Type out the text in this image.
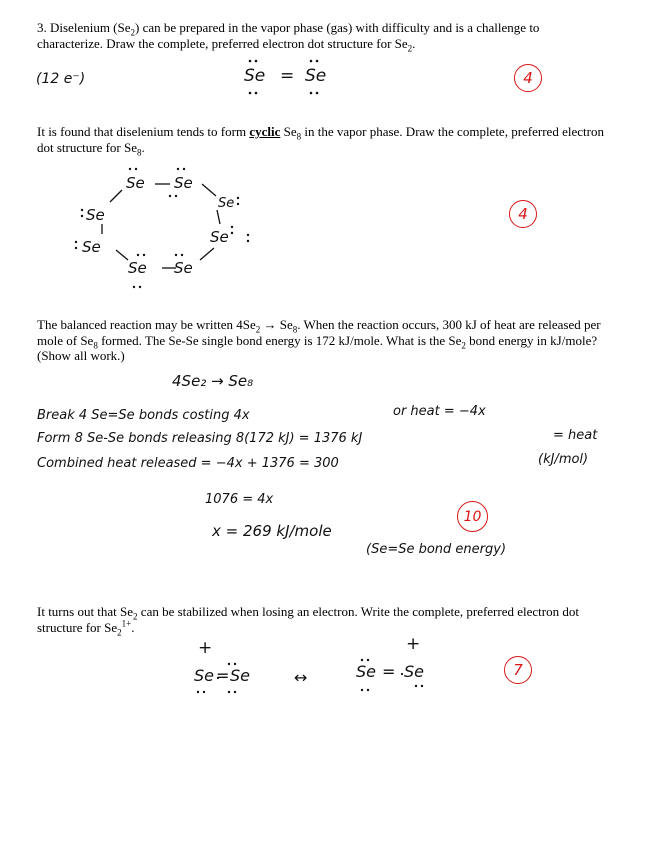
3. Diselenium $(Se_2)$ can be prepared in the vapor phase (gas) with difficulty and is a challenge to characterize. Draw the complete, preferred electron dot structure for $Se_2$.
(12 e⁻)	Se = Se	4
It is found that diselenium tends to form cyclic $Se_8$ in the vapor phase. Draw the complete, preferred electron dot structure for $Se_8$.
Se Se
Se
Se
Se
Se
Se
Se	4
The balanced reaction may be written $4Se_2 \to Se_8$. When the reaction occurs, 300 kJ of heat are released per mole of $Se_8$ formed. The Se-Se single bond energy is 172 kJ/mole. What is the $Se_2$ bond energy in kJ/mole? (Show all work.)
4Se₂ → Se₈
Break 4 Se=Se bonds costing 4x	or heat = −4x
Form 8 Se-Se bonds releasing 8(172 kJ) = 1376 kJ	= heat
Combined heat released = −4x + 1376 = 300	(kJ/mol)
1076 = 4x
x = 269 kJ/mole
(Se=Se bond energy)
10
It turns out that $Se_2$ can be stabilized when losing an electron. Write the complete, preferred electron dot structure for $Se_2^{1+}$.
+
Se = Se	↔
+
Se = Se	7
